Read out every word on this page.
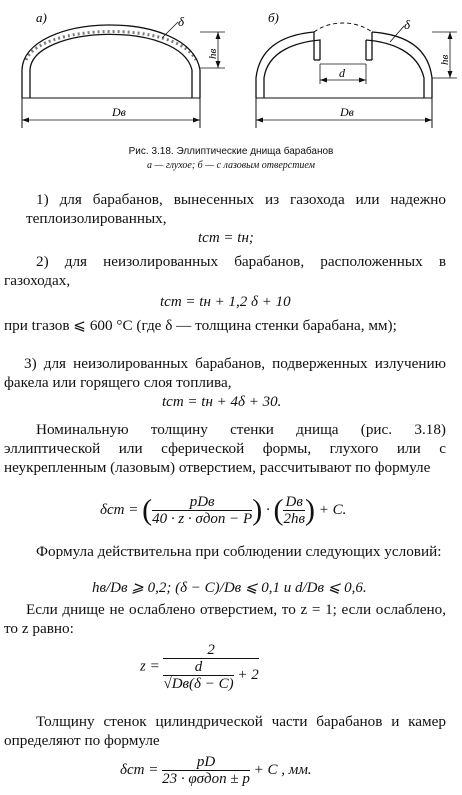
а)
Dв
hв
δ	б)
d
Dв
hв
δ
Рис. 3.18. Эллиптические днища барабанов
а — глухое; б — с лазовым отверстием
1) для барабанов, вынесенных из газохода или надежно теплоизолированных,
tст = tн;
2) для неизолированных барабанов, расположенных в газоходах,
tст = tн + 1,2 δ + 10
при tгазов ⩽ 600 °С (где δ — толщина стенки барабана, мм);
3) для неизолированных барабанов, подверженных излучению факела или горящего слоя топлива,
tст = tн + 4δ + 30.
Номинальную толщину стенки днища (рис. 3.18) эллиптической или сферической формы, глухого или с неукрепленным (лазовым) отверстием, рассчитывают по формуле
δст = ( $\frac{\text{pDв}}{\text{40 · z · σдоп − P}}$ ) · ( $\frac{Dв}{2hв}$ ) + C.
Формула действительна при соблюдении следующих условий:
hв/Dв ⩾ 0,2; (δ − C)/Dв ⩽ 0,1 и d/Dв ⩽ 0,6.
Если днище не ослаблено отверстием, то z = 1; если ослаблено, то z равно:
$z = \frac{2}{\frac{d}{√Dв(\delta - C)} + 2}$
Толщину стенок цилиндрической части барабанов и камер определяют по формуле
$\delta ст = \frac{pD}{\text{23 · φσдоп ± p}} + C$ , мм.
